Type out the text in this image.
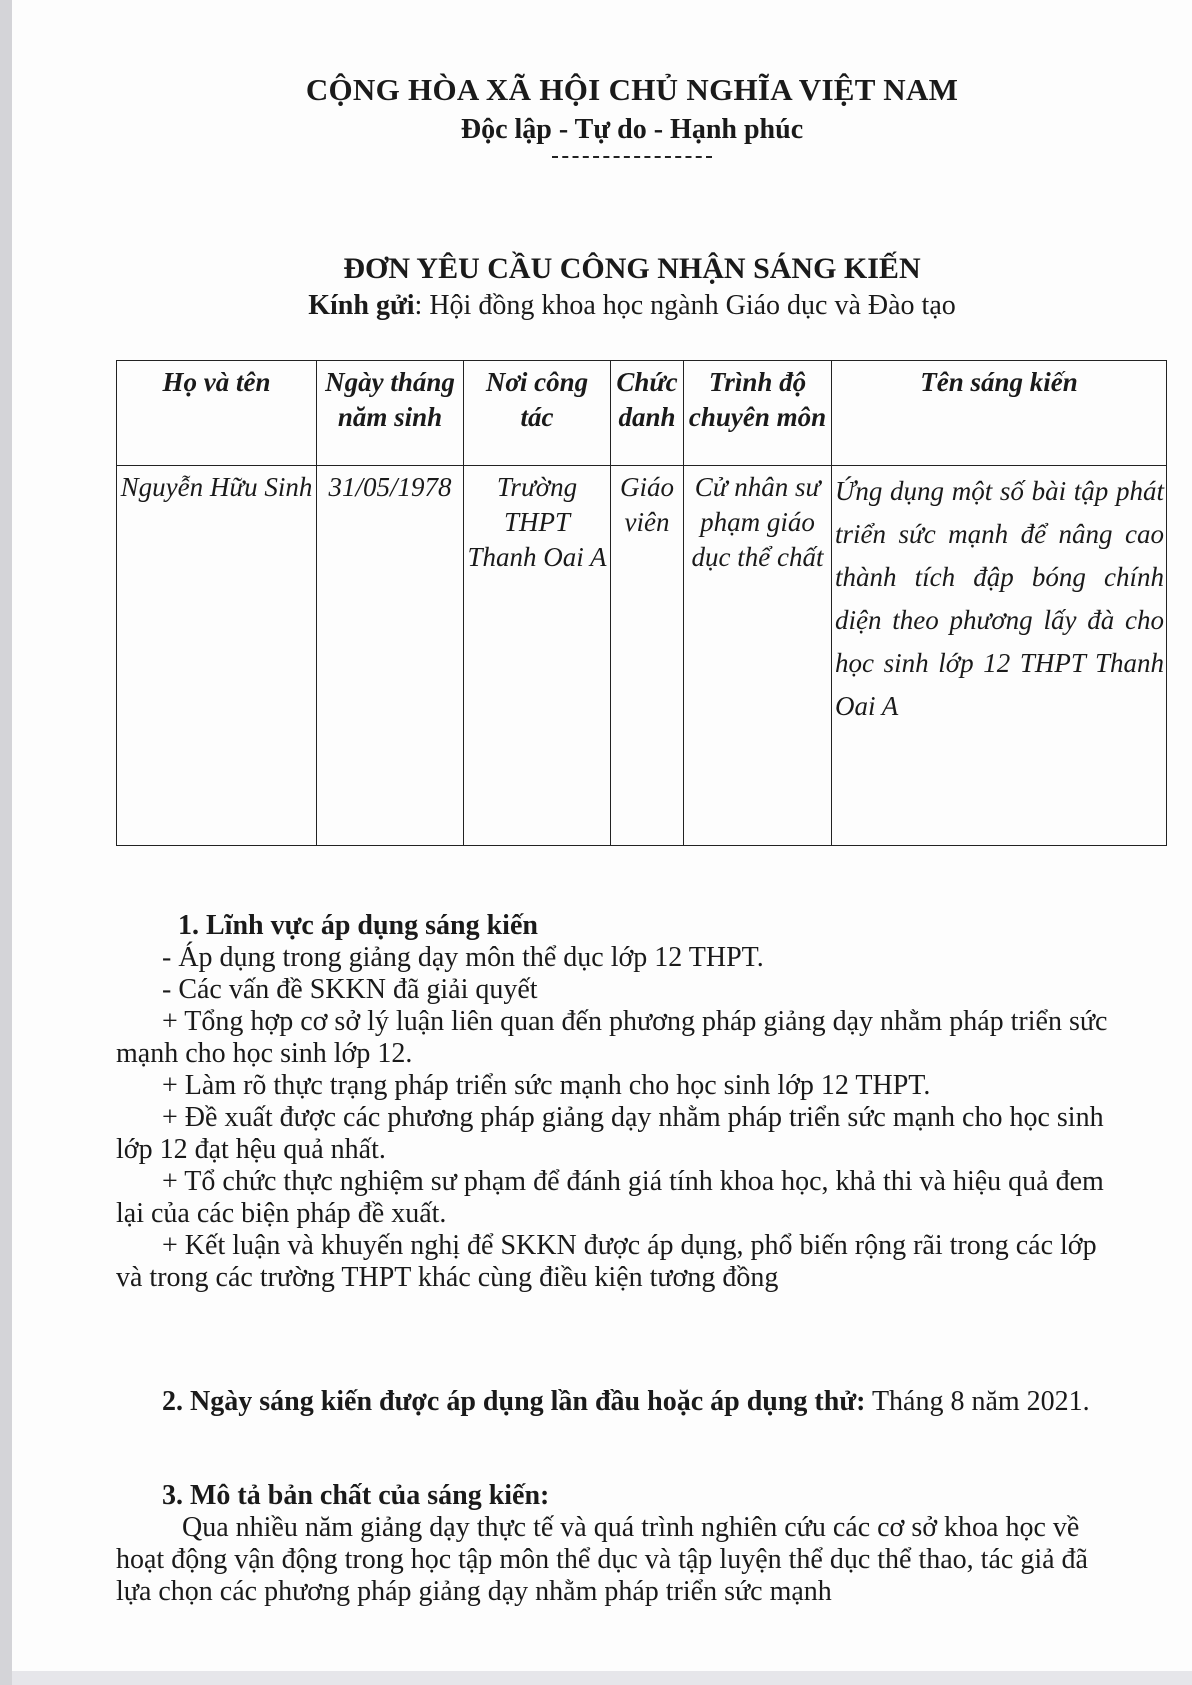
CỘNG HÒA XÃ HỘI CHỦ NGHĨA VIỆT NAM
Độc lập - Tự do - Hạnh phúc
ĐƠN YÊU CẦU CÔNG NHẬN SÁNG KIẾN
Kính gửi: Hội đồng khoa học ngành Giáo dục và Đào tạo
Họ và tên	Ngày tháng năm sinh	Nơi công tác	Chức danh	Trình độ chuyên môn	Tên sáng kiến
Nguyễn Hữu Sinh	31/05/1978	Trường THPT Thanh Oai A	Giáo viên	Cử nhân sư phạm giáo dục thể chất	Ứng dụng một số bài tập phát triển sức mạnh để nâng cao thành tích đập bóng chính diện theo phương lấy đà cho học sinh lớp 12 THPT Thanh Oai A

1. Lĩnh vực áp dụng sáng kiến

- Áp dụng trong giảng dạy môn thể dục lớp 12 THPT.

- Các vấn đề SKKN đã giải quyết

+ Tổng hợp cơ sở lý luận liên quan đến phương pháp giảng dạy nhằm pháp triển sức mạnh cho học sinh lớp 12.

+ Làm rõ thực trạng pháp triển sức mạnh cho học sinh lớp 12 THPT.

+ Đề xuất được các phương pháp giảng dạy nhằm pháp triển sức mạnh cho học sinh lớp 12 đạt hệu quả nhất.

+ Tổ chức thực nghiệm sư phạm để đánh giá tính khoa học, khả thi và hiệu quả đem lại của các biện pháp đề xuất.

+ Kết luận và khuyến nghị để SKKN được áp dụng, phổ biến rộng rãi trong các lớp và trong các trường THPT khác cùng điều kiện tương đồng

2. Ngày sáng kiến được áp dụng lần đầu hoặc áp dụng thử: Tháng 8 năm 2021.

3. Mô tả bản chất của sáng kiến:

Qua nhiều năm giảng dạy thực tế và quá trình nghiên cứu các cơ sở khoa học về hoạt động vận động trong học tập môn thể dục và tập luyện thể dục thể thao, tác giả đã lựa chọn các phương pháp giảng dạy nhằm pháp triển sức mạnh
